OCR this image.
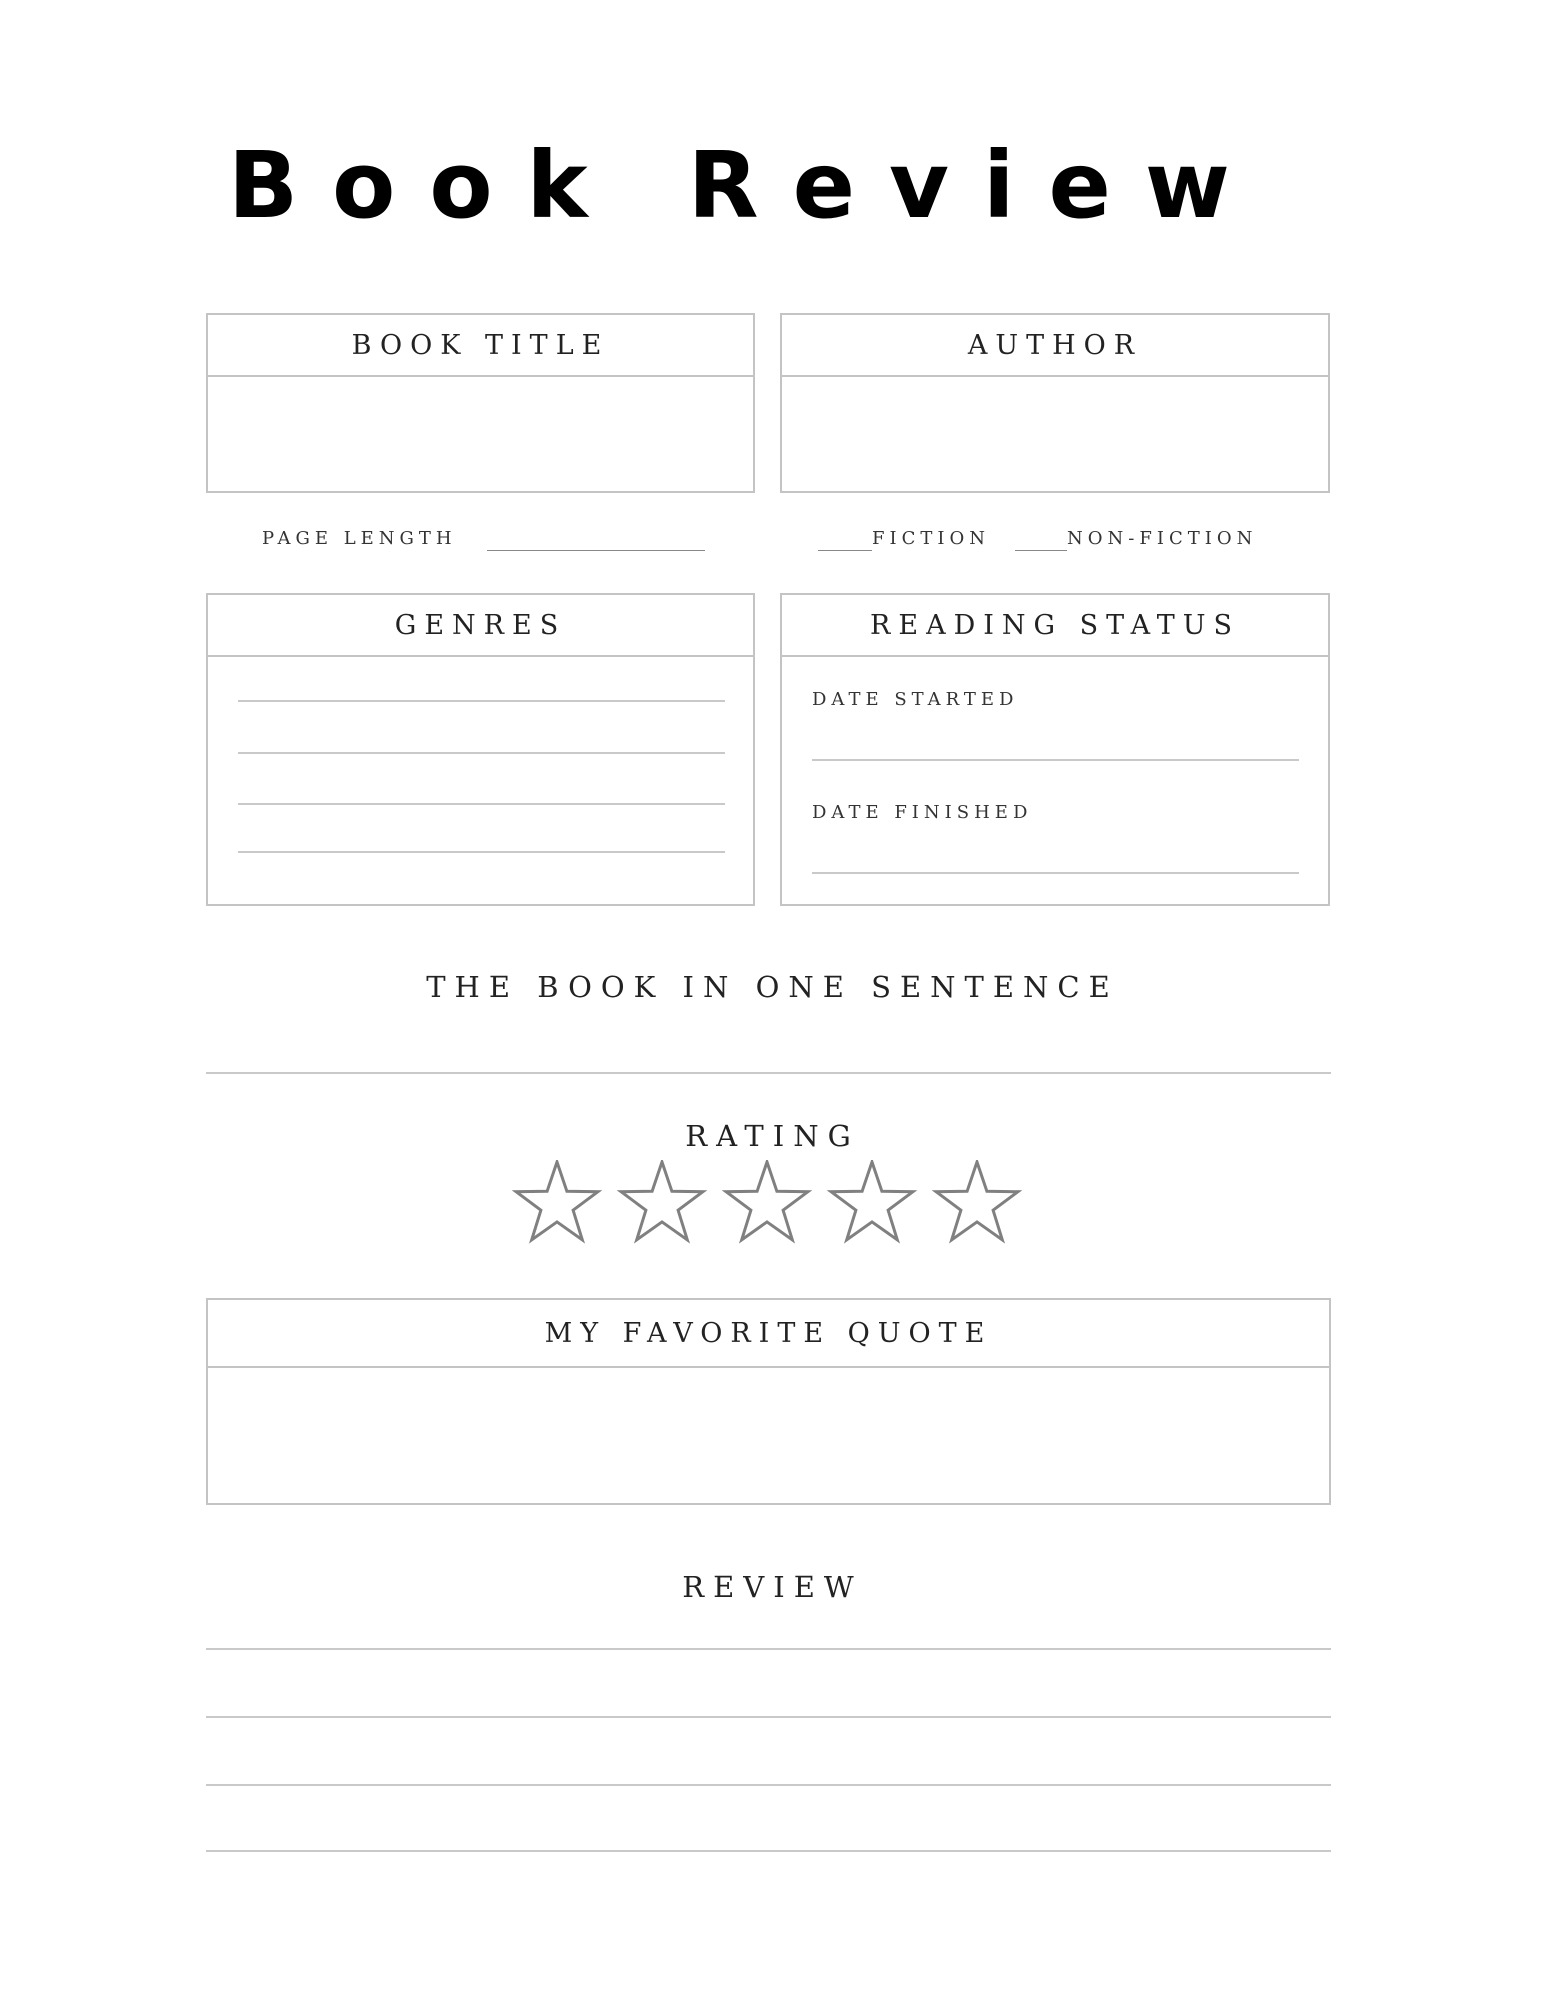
Book Review
BOOK TITLE	AUTHOR
PAGE LENGTH	FICTION	NON-FICTION
GENRES	READING STATUS
DATE STARTED
DATE FINISHED
THE BOOK IN ONE SENTENCE
RATING
MY FAVORITE QUOTE
REVIEW
